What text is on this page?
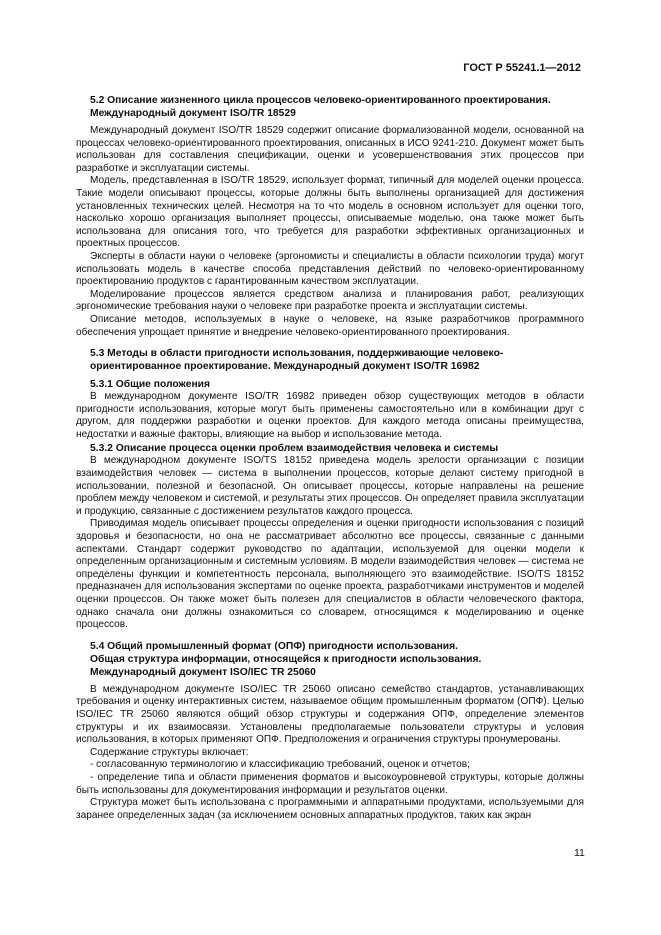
ГОСТ Р 55241.1—2012
5.2 Описание жизненного цикла процессов человеко-ориентированного проектирования. Международный документ ISO/TR 18529

Международный документ ISO/TR 18529 содержит описание формализованной модели, основанной на процессах человеко-ориентированного проектирования, описанных в ИСО 9241-210. Документ может быть использован для составления спецификации, оценки и усовершенствования этих процессов при разработке и эксплуатации системы.

Модель, представленная в ISO/TR 18529, использует формат, типичный для моделей оценки процесса. Такие модели описывают процессы, которые должны быть выполнены организацией для достижения установленных технических целей. Несмотря на то что модель в основном использует для оценки того, насколько хорошо организация выполняет процессы, описываемые моделью, она также может быть использована для описания того, что требуется для разработки эффективных организационных и проектных процессов.

Эксперты в области науки о человеке (эргономисты и специалисты в области психологии труда) могут использовать модель в качестве способа представления действий по человеко-ориентированному проектированию продуктов с гарантированным качеством эксплуатации.

Моделирование процессов является средством анализа и планирования работ, реализующих эргономические требования науки о человеке при разработке проекта и эксплуатации системы.

Описание методов, используемых в науке о человеке, на языке разработчиков программного обеспечения упрощает принятие и внедрение человеко-ориентированного проектирования.

5.3 Методы в области пригодности использования, поддерживающие человеко-ориентированное проектирование. Международный документ ISO/TR 16982
5.3.1 Общие положения

В международном документе ISO/TR 16982 приведен обзор существующих методов в области пригодности использования, которые могут быть применены самостоятельно или в комбинации друг с другом, для поддержки разработки и оценки проектов. Для каждого метода описаны преимущества, недостатки и важные факторы, влияющие на выбор и использование метода.

5.3.2 Описание процесса оценки проблем взаимодействия человека и системы

В международном документе ISO/TS 18152 приведена модель зрелости организации с позиции взаимодействия человек — система в выполнении процессов, которые делают систему пригодной в использовании, полезной и безопасной. Он описывает процессы, которые направлены на решение проблем между человеком и системой, и результаты этих процессов. Он определяет правила эксплуатации и продукцию, связанные с достижением результатов каждого процесса.

Приводимая модель описывает процессы определения и оценки пригодности использования с позиций здоровья и безопасности, но она не рассматривает абсолютно все процессы, связанные с данными аспектами. Стандарт содержит руководство по адаптации, используемой для оценки модели к определенным организационным и системным условиям. В модели взаимодействия человек — система не определены функции и компетентность персонала, выполняющего это взаимодействие. ISO/TS 18152 предназначен для использования экспертами по оценке проекта, разработчиками инструментов и моделей оценки процессов. Он также может быть полезен для специалистов в области человеческого фактора, однако сначала они должны ознакомиться со словарем, относящимся к моделированию и оценке процессов.

5.4 Общий промышленный формат (ОПФ) пригодности использования.
Общая структура информации, относящейся к пригодности использования.
Международный документ ISO/IEC TR 25060

В международном документе ISO/IEC TR 25060 описано семейство стандартов, устанавливающих требования и оценку интерактивных систем, называемое общим промышленным форматом (ОПФ). Целью ISO/IEC TR 25060 являются общий обзор структуры и содержания ОПФ, определение элементов структуры и их взаимосвязи. Установлены предполагаемые пользователи структуры и условия использования, в которых применяют ОПФ. Предположения и ограничения структуры пронумерованы.

Содержание структуры включает:

- согласованную терминологию и классификацию требований, оценок и отчетов;

- определение типа и области применения форматов и высокоуровневой структуры, которые должны быть использованы для документирования информации и результатов оценки.

Структура может быть использована с программными и аппаратными продуктами, используемыми для заранее определенных задач (за исключением основных аппаратных продуктов, таких как экран

11
